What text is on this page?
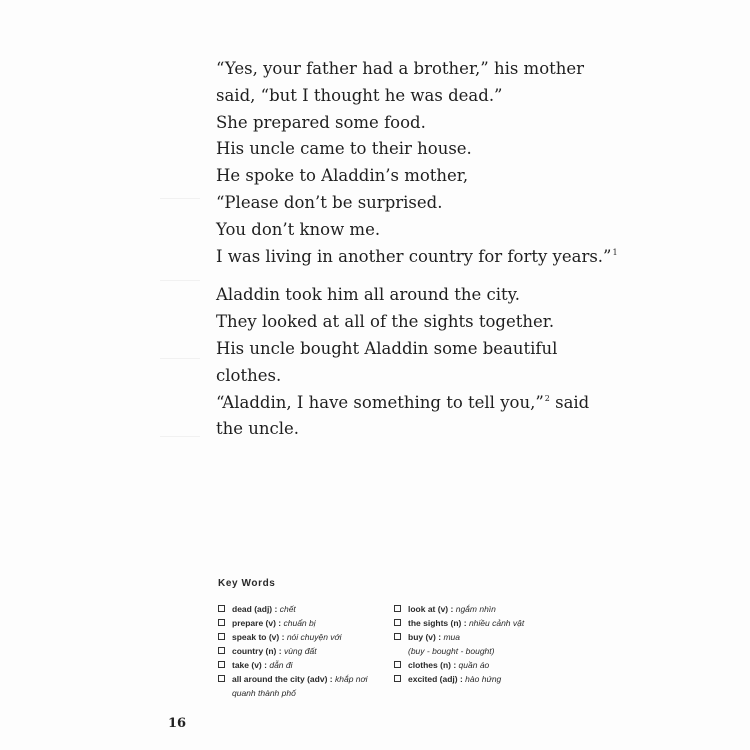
“Yes, your father had a brother,” his mother
said, “but I thought he was dead.”
She prepared some food.
His uncle came to their house.
He spoke to Aladdin’s mother,
“Please don’t be surprised.
You don’t know me.
I was living in another country for forty years.”$^1$
Aladdin took him all around the city.
They looked at all of the sights together.
His uncle bought Aladdin some beautiful
clothes.
“Aladdin, I have something to tell you,”$^2$ said
the uncle.
Key Words
dead (adj) : chết
prepare (v) : chuẩn bị
speak to (v) : nói chuyện với
country (n) : vùng đất
take (v) : dẫn đi
all around the city (adv) : khắp nơi
quanh thành phố
look at (v) : ngắm nhìn
the sights (n) : nhiều cảnh vật
buy (v) : mua
(buy - bought - bought)
clothes (n) : quần áo
excited (adj) : hào hứng
16
